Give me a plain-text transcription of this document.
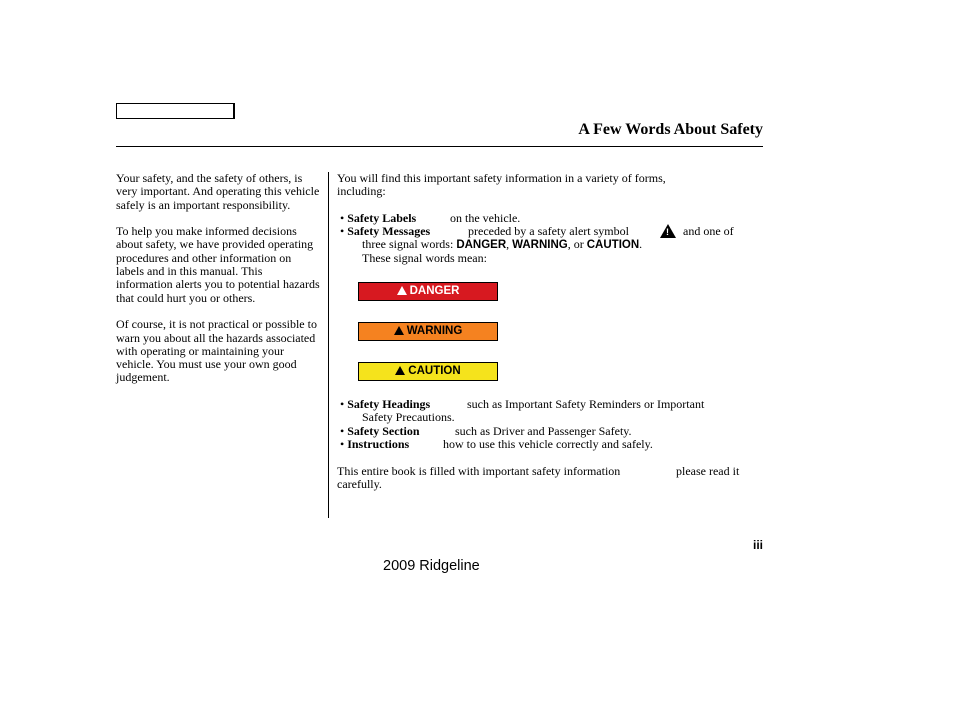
A Few Words About Safety

Your safety, and the safety of others, is very important. And operating this vehicle safely is an important responsibility.

To help you make informed decisions about safety, we have provided operating procedures and other information on labels and in this manual. This information alerts you to potential hazards that could hurt you or others.

Of course, it is not practical or possible to warn you about all the hazards associated with operating or maintaining your vehicle. You must use your own good judgement.

You will find this important safety information in a variety of forms,

including:

• Safety Labels	on the vehicle.
• Safety Messages	preceded by a safety alert symbol
!	and one of
three signal words: DANGER, WARNING, or CAUTION.
These signal words mean:
DANGER
WARNING
CAUTION
• Safety Headings	such as Important Safety Reminders or Important
Safety Precautions.
• Safety Section	such as Driver and Passenger Safety.
• Instructions	how to use this vehicle correctly and safely.
This entire book is filled with important safety information	please read it
carefully.
iii
2009 Ridgeline
